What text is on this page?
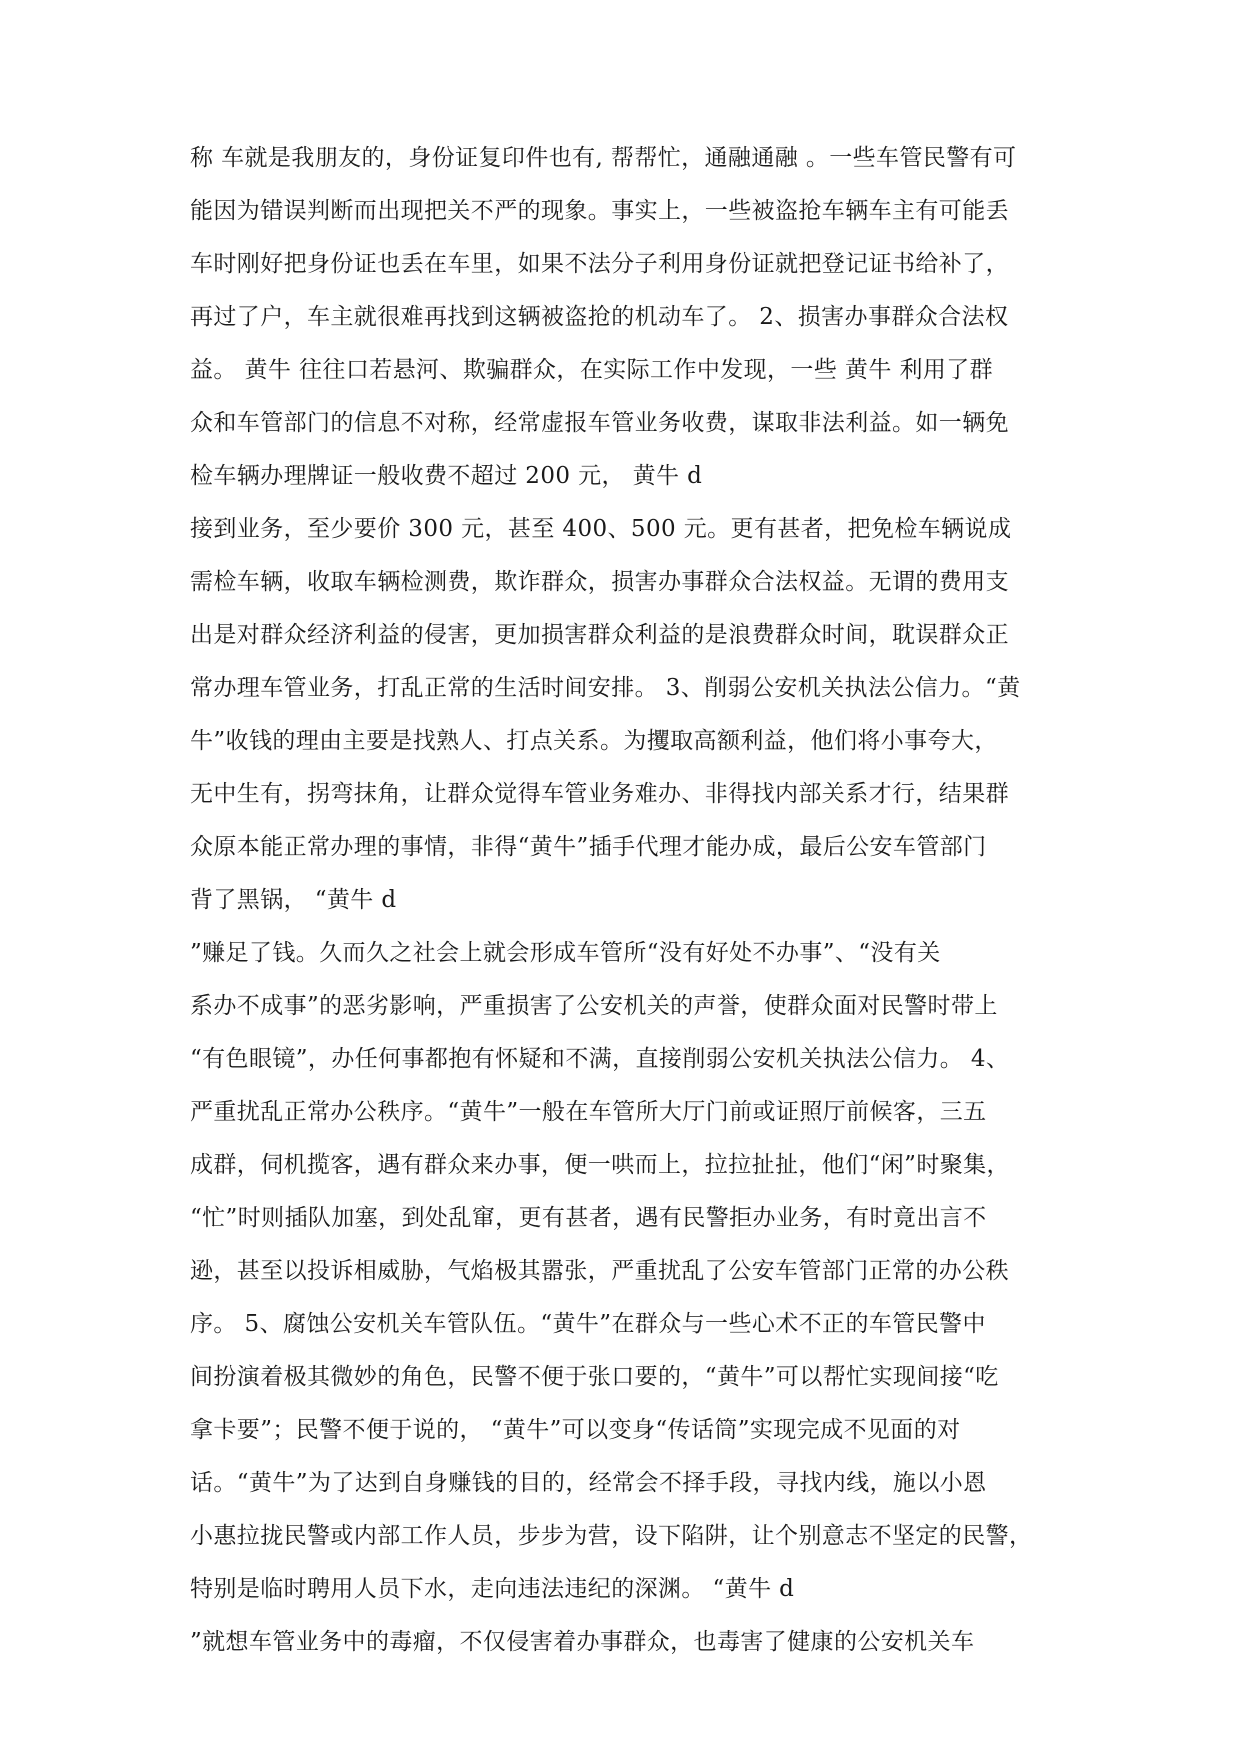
称 车就是我朋友的，身份证复印件也有, 帮帮忙，通融通融 。一些车管民警有可
能因为错误判断而出现把关不严的现象。事实上，一些被盗抢车辆车主有可能丢
车时刚好把身份证也丢在车里，如果不法分子利用身份证就把登记证书给补了，
再过了户，车主就很难再找到这辆被盗抢的机动车了。 2、损害办事群众合法权
益。 黄牛 往往口若悬河、欺骗群众，在实际工作中发现，一些 黄牛 利用了群
众和车管部门的信息不对称，经常虚报车管业务收费，谋取非法利益。如一辆免
检车辆办理牌证一般收费不超过 200 元， 黄牛 d
接到业务，至少要价 300 元，甚至 400、500 元。更有甚者，把免检车辆说成
需检车辆，收取车辆检测费，欺诈群众，损害办事群众合法权益。无谓的费用支
出是对群众经济利益的侵害，更加损害群众利益的是浪费群众时间，耽误群众正
常办理车管业务，打乱正常的生活时间安排。 3、削弱公安机关执法公信力。“黄
牛”收钱的理由主要是找熟人、打点关系。为攫取高额利益，他们将小事夸大，
无中生有，拐弯抹角，让群众觉得车管业务难办、非得找内部关系才行，结果群
众原本能正常办理的事情，非得“黄牛”插手代理才能办成，最后公安车管部门
背了黑锅， “黄牛 d
”赚足了钱。久而久之社会上就会形成车管所“没有好处不办事”、“没有关
系办不成事”的恶劣影响，严重损害了公安机关的声誉，使群众面对民警时带上
“有色眼镜”，办任何事都抱有怀疑和不满，直接削弱公安机关执法公信力。 4、
严重扰乱正常办公秩序。“黄牛”一般在车管所大厅门前或证照厅前候客，三五
成群，伺机揽客，遇有群众来办事，便一哄而上，拉拉扯扯，他们“闲”时聚集，
“忙”时则插队加塞，到处乱窜，更有甚者，遇有民警拒办业务，有时竟出言不
逊，甚至以投诉相威胁，气焰极其嚣张，严重扰乱了公安车管部门正常的办公秩
序。 5、腐蚀公安机关车管队伍。“黄牛”在群众与一些心术不正的车管民警中
间扮演着极其微妙的角色，民警不便于张口要的，“黄牛”可以帮忙实现间接“吃
拿卡要”；民警不便于说的， “黄牛”可以变身“传话筒”实现完成不见面的对
话。“黄牛”为了达到自身赚钱的目的，经常会不择手段，寻找内线，施以小恩
小惠拉拢民警或内部工作人员，步步为营，设下陷阱，让个别意志不坚定的民警，
特别是临时聘用人员下水，走向违法违纪的深渊。 “黄牛 d
”就想车管业务中的毒瘤，不仅侵害着办事群众，也毒害了健康的公安机关车
